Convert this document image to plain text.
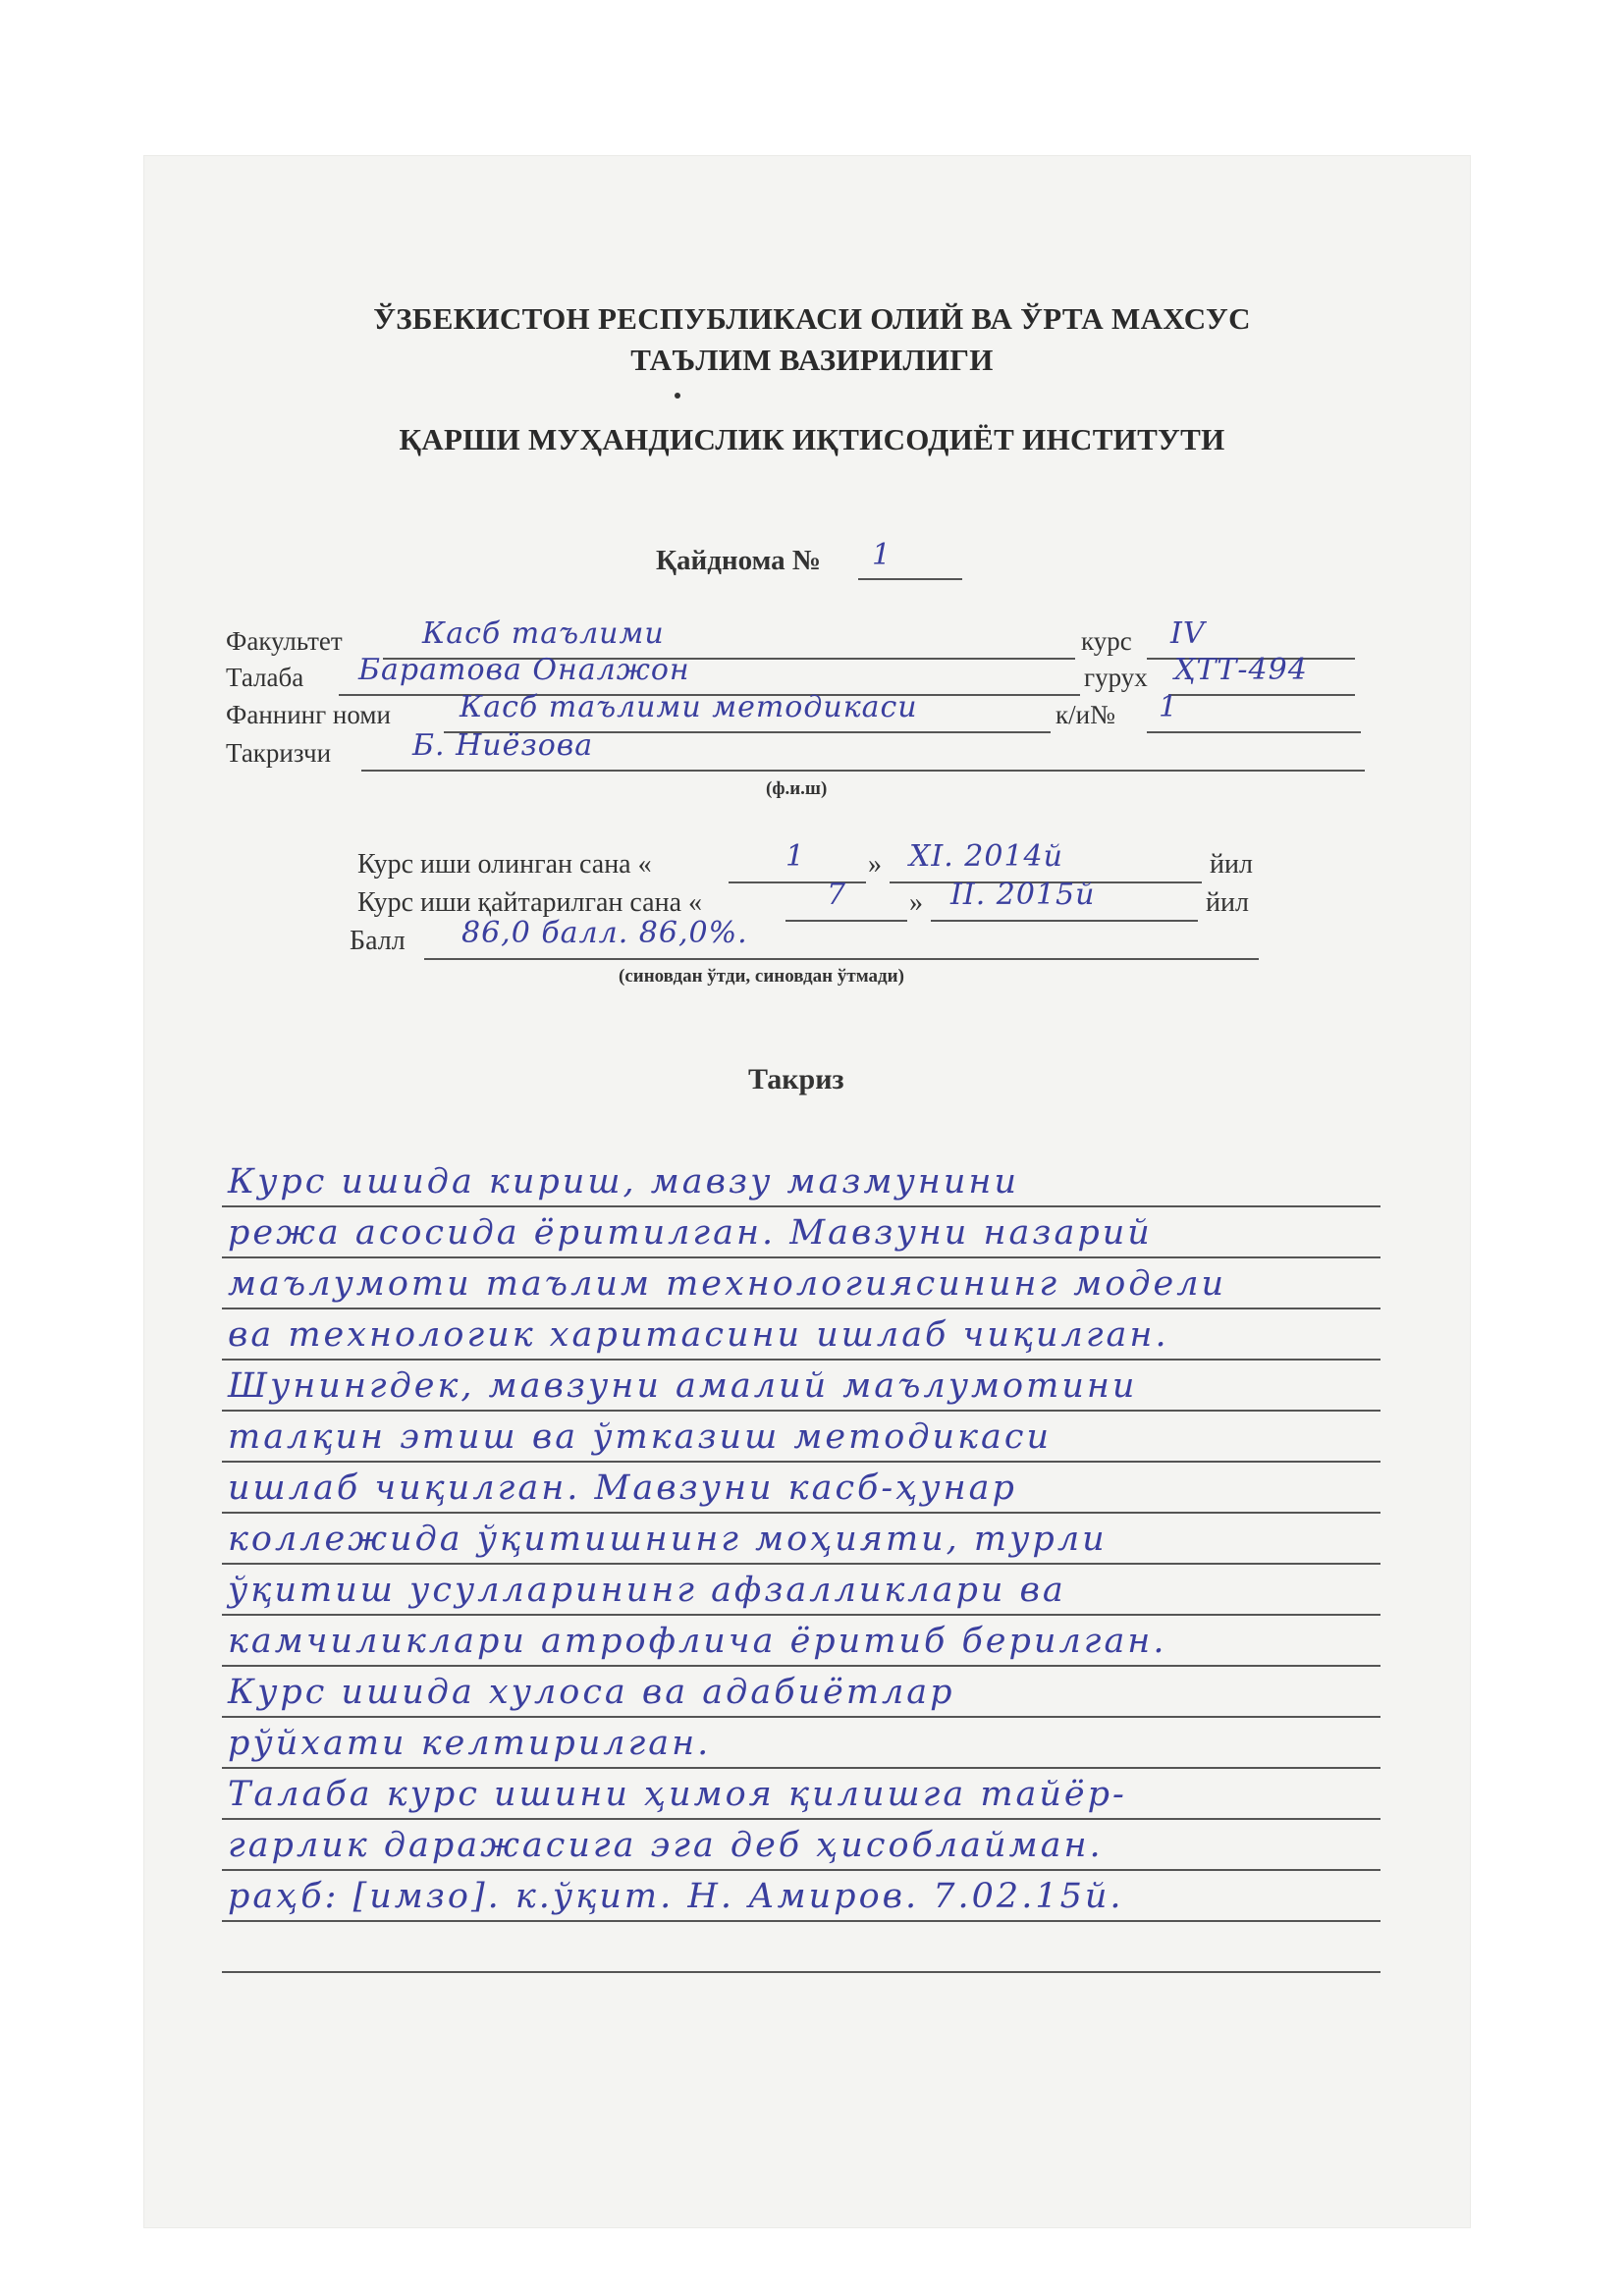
ЎЗБЕКИСТОН РЕСПУБЛИКАСИ ОЛИЙ ВА ЎРТА МАХСУС
ТАЪЛИМ ВАЗИРИЛИГИ
ҚАРШИ МУҲАНДИСЛИК ИҚТИСОДИЁТ ИНСТИТУТИ
Қайднома № 1
Факультет	Касб таълими	курс IV
Талаба Баратова Оналжон	гурух ҲТТ-494
Фаннинг номи Касб таълими методикаси	к/и№ 1
Такризчи	Б. Ниёзова
(ф.и.ш)
Курс иши олинган сана «	1 » XI. 2014й	йил
Курс иши қайтарилган сана «	7 » II. 2015й	йил
Балл 86,0 балл. 86,0%.
(синовдан ўтди, синовдан ўтмади)
Такриз
Курс ишида кириш, мавзу мазмунини
режа асосида ёритилган. Мавзуни назарий
маълумоти таълим технологиясининг модели
ва технологик харитасини ишлаб чиқилган.
Шунингдек, мавзуни амалий маълумотини
талқин этиш ва ўтказиш методикаси
ишлаб чиқилган. Мавзуни касб-ҳунар
коллежида ўқитишнинг моҳияти, турли
ўқитиш усулларининг афзалликлари ва
камчиликлари атрофлича ёритиб берилган.
Курс ишида хулоса ва адабиётлар
рўйхати келтирилган.
Талаба курс ишини ҳимоя қилишга тайёр-
гарлик даражасига эга деб ҳисоблайман.
раҳб: [имзо]. к.ўқит. Н. Амиров. 7.02.15й.
